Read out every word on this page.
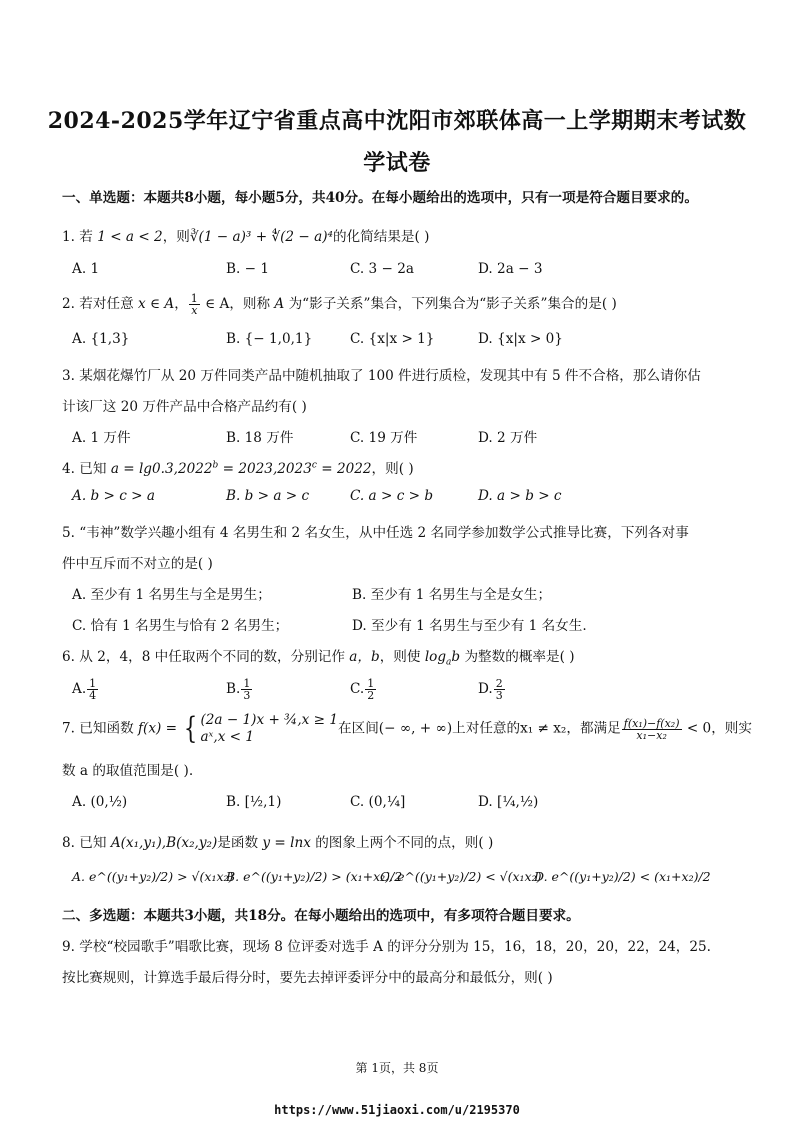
2024-2025学年辽宁省重点高中沈阳市郊联体高一上学期期末考试数
学试卷
一、单选题：本题共8小题，每小题5分，共40分。在每小题给出的选项中，只有一项是符合题目要求的。
1. 若 1 < a < 2，则∛(1 − a)³ + ∜(2 − a)⁴的化简结果是( )
A. 1	B. − 1	C. 3 − 2a	D. 2a − 3
2. 若对任意 x ∈ A， $\frac{1}{x}$ ∈ A，则称 A 为“影子关系”集合，下列集合为“影子关系”集合的是( )
A. {1,3}	B. {− 1,0,1}	C. {x|x > 1}	D. {x|x > 0}
3. 某烟花爆竹厂从 20 万件同类产品中随机抽取了 100 件进行质检，发现其中有 5 件不合格，那么请你估
计该厂这 20 万件产品中合格产品约有( )
A. 1 万件	B. 18 万件	C. 19 万件	D. 2 万件
4. 已知 a = lg0.3,2022$^b$ = 2023,2023$^c$ = 2022，则( )
A. b > c > a	B. b > a > c	C. a > c > b	D. a > b > c
5. “韦神”数学兴趣小组有 4 名男生和 2 名女生，从中任选 2 名同学参加数学公式推导比赛，下列各对事
件中互斥而不对立的是( )
A. 至少有 1 名男生与全是男生；	B. 至少有 1 名男生与全是女生；
C. 恰有 1 名男生与恰有 2 名男生；	D. 至少有 1 名男生与至少有 1 名女生.
6. 从 2，4，8 中任取两个不同的数，分别记作 a，b，则使 $\log_ab$ 为整数的概率是( )
A. $\frac{1}{4}$	B. $\frac{1}{3}$	C. $\frac{1}{2}$	D. $\frac{2}{3}$
7. 已知函数 f(x) = { (2a − 1)x + ¾,x ≥ 1
aˣ,x < 1
在区间(− ∞, + ∞)上对任意的x₁ ≠ x₂，都满足 $\frac{\text{f(x₁)−f(x₂)}}{\text{x₁−x₂}} < 0$，则实
数 a 的取值范围是( ).
A. (0,½)	B. [½,1)	C. (0,¼]	D. [¼,½)
8. 已知 A(x₁,y₁),B(x₂,y₂)是函数 y = lnx 的图象上两个不同的点，则( )
A. e^((y₁+y₂)/2) > √(x₁x₂)
B. e^((y₁+y₂)/2) > (x₁+x₂)/2
C. e^((y₁+y₂)/2) < √(x₁x₂)
D. e^((y₁+y₂)/2) < (x₁+x₂)/2
二、多选题：本题共3小题，共18分。在每小题给出的选项中，有多项符合题目要求。
9. 学校“校园歌手”唱歌比赛，现场 8 位评委对选手 A 的评分分别为 15，16，18，20，20，22，24，25.
按比赛规则，计算选手最后得分时，要先去掉评委评分中的最高分和最低分，则( )
第 1页，共 8页
https://www.51jiaoxi.com/u/2195370
